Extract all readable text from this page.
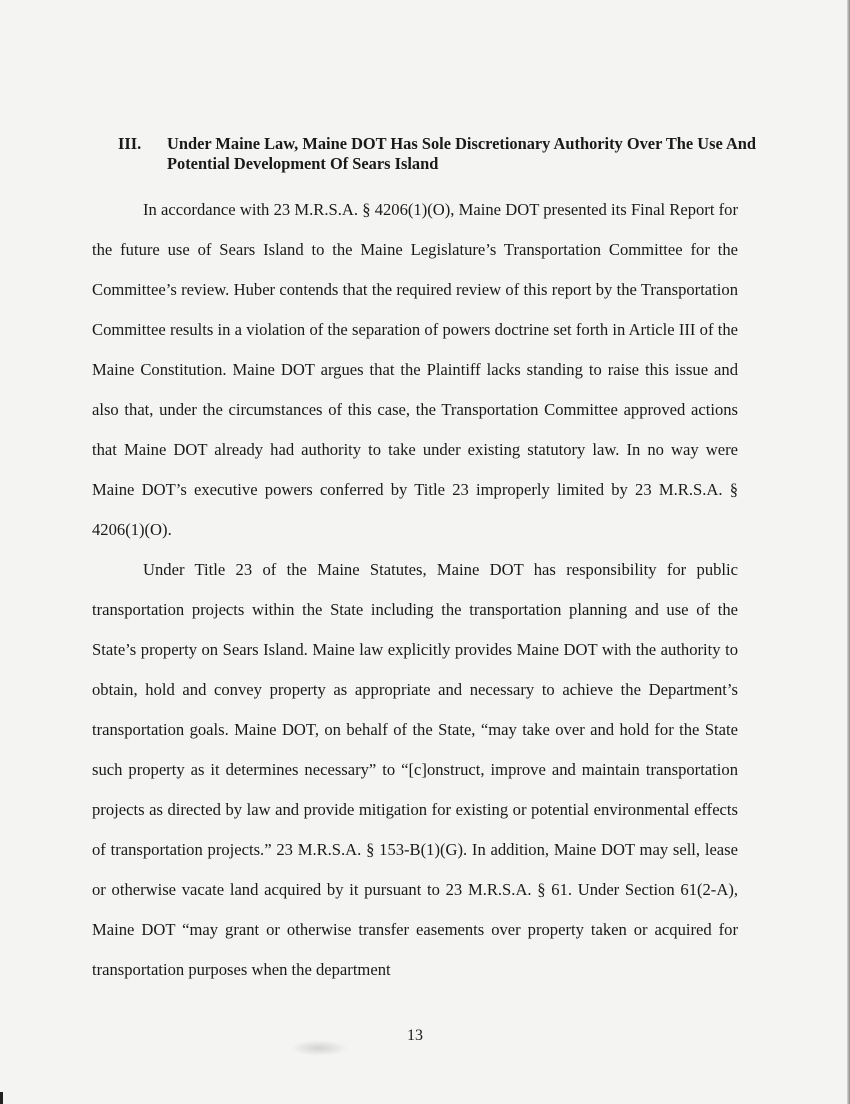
III. Under Maine Law, Maine DOT Has Sole Discretionary Authority Over The Use And Potential Development Of Sears Island

In accordance with 23 M.R.S.A. § 4206(1)(O), Maine DOT presented its Final Report for the future use of Sears Island to the Maine Legislature’s Transportation Committee for the Committee’s review. Huber contends that the required review of this report by the Transportation Committee results in a violation of the separation of powers doctrine set forth in Article III of the Maine Constitution. Maine DOT argues that the Plaintiff lacks standing to raise this issue and also that, under the circumstances of this case, the Transportation Committee approved actions that Maine DOT already had authority to take under existing statutory law. In no way were Maine DOT’s executive powers conferred by Title 23 improperly limited by 23 M.R.S.A. § 4206(1)(O).

Under Title 23 of the Maine Statutes, Maine DOT has responsibility for public transportation projects within the State including the transportation planning and use of the State’s property on Sears Island. Maine law explicitly provides Maine DOT with the authority to obtain, hold and convey property as appropriate and necessary to achieve the Department’s transportation goals. Maine DOT, on behalf of the State, “may take over and hold for the State such property as it determines necessary” to “[c]onstruct, improve and maintain transportation projects as directed by law and provide mitigation for existing or potential environmental effects of transportation projects.” 23 M.R.S.A. § 153-B(1)(G). In addition, Maine DOT may sell, lease or otherwise vacate land acquired by it pursuant to 23 M.R.S.A. § 61. Under Section 61(2-A), Maine DOT “may grant or otherwise transfer easements over property taken or acquired for transportation purposes when the department

13
